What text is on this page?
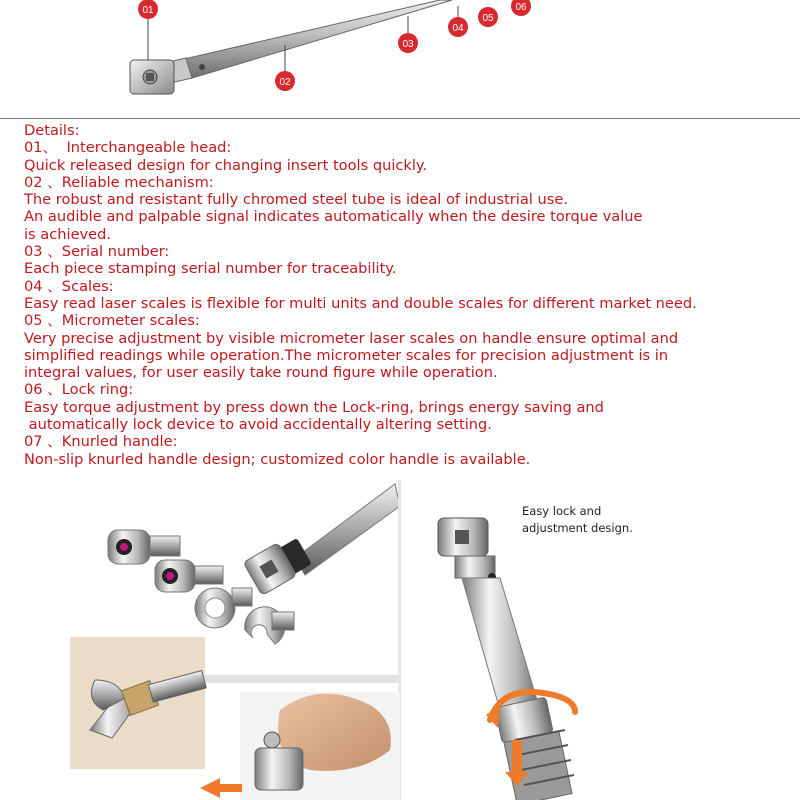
01
02
03
04
05
06
Details:
01、  Interchangeable head:
Quick released design for changing insert tools quickly.
02 、Reliable mechanism:
The robust and resistant fully chromed steel tube is ideal of industrial use.
An audible and palpable signal indicates automatically when the desire torque value
is achieved.
03 、Serial number:
Each piece stamping serial number for traceability.
04 、Scales:
Easy read laser scales is flexible for multi units and double scales for different market need.
05 、Micrometer scales:
Very precise adjustment by visible micrometer laser scales on handle ensure optimal and
simplified readings while operation.The micrometer scales for precision adjustment is in
integral values, for user easily take round figure while operation.
06 、Lock ring:
Easy torque adjustment by press down the Lock-ring, brings energy saving and
automatically lock device to avoid accidentally altering setting.
07 、Knurled handle:
Non-slip knurled handle design; customized color handle is available.
Easy lock and
adjustment design.
